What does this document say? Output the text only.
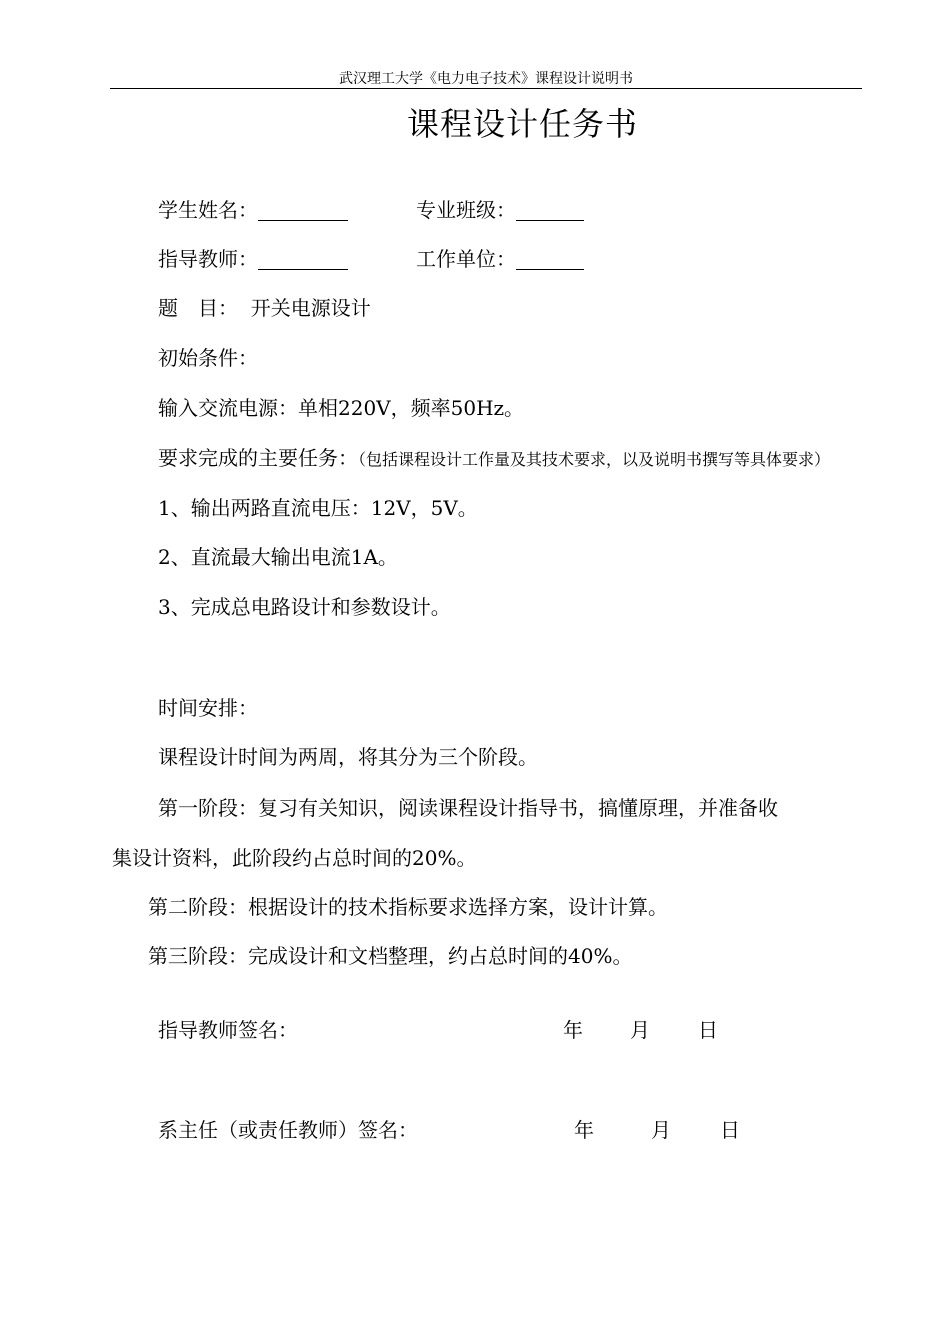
武汉理工大学《电力电子技术》课程设计说明书
课程设计任务书
学生姓名：	专业班级：
指导教师：	工作单位：
题　目： 开关电源设计
初始条件：
输入交流电源：单相220V，频率50Hz。
要求完成的主要任务：（包括课程设计工作量及其技术要求，以及说明书撰写等具体要求）
1、输出两路直流电压：12V，5V。
2、直流最大输出电流1A。
3、完成总电路设计和参数设计。
时间安排：
课程设计时间为两周，将其分为三个阶段。
第一阶段：复习有关知识，阅读课程设计指导书，搞懂原理，并准备收
集设计资料，此阶段约占总时间的20%。
第二阶段：根据设计的技术指标要求选择方案，设计计算。
第三阶段：完成设计和文档整理，约占总时间的40%。
指导教师签名：	年 月 日
系主任（或责任教师）签名：	年	月 日
